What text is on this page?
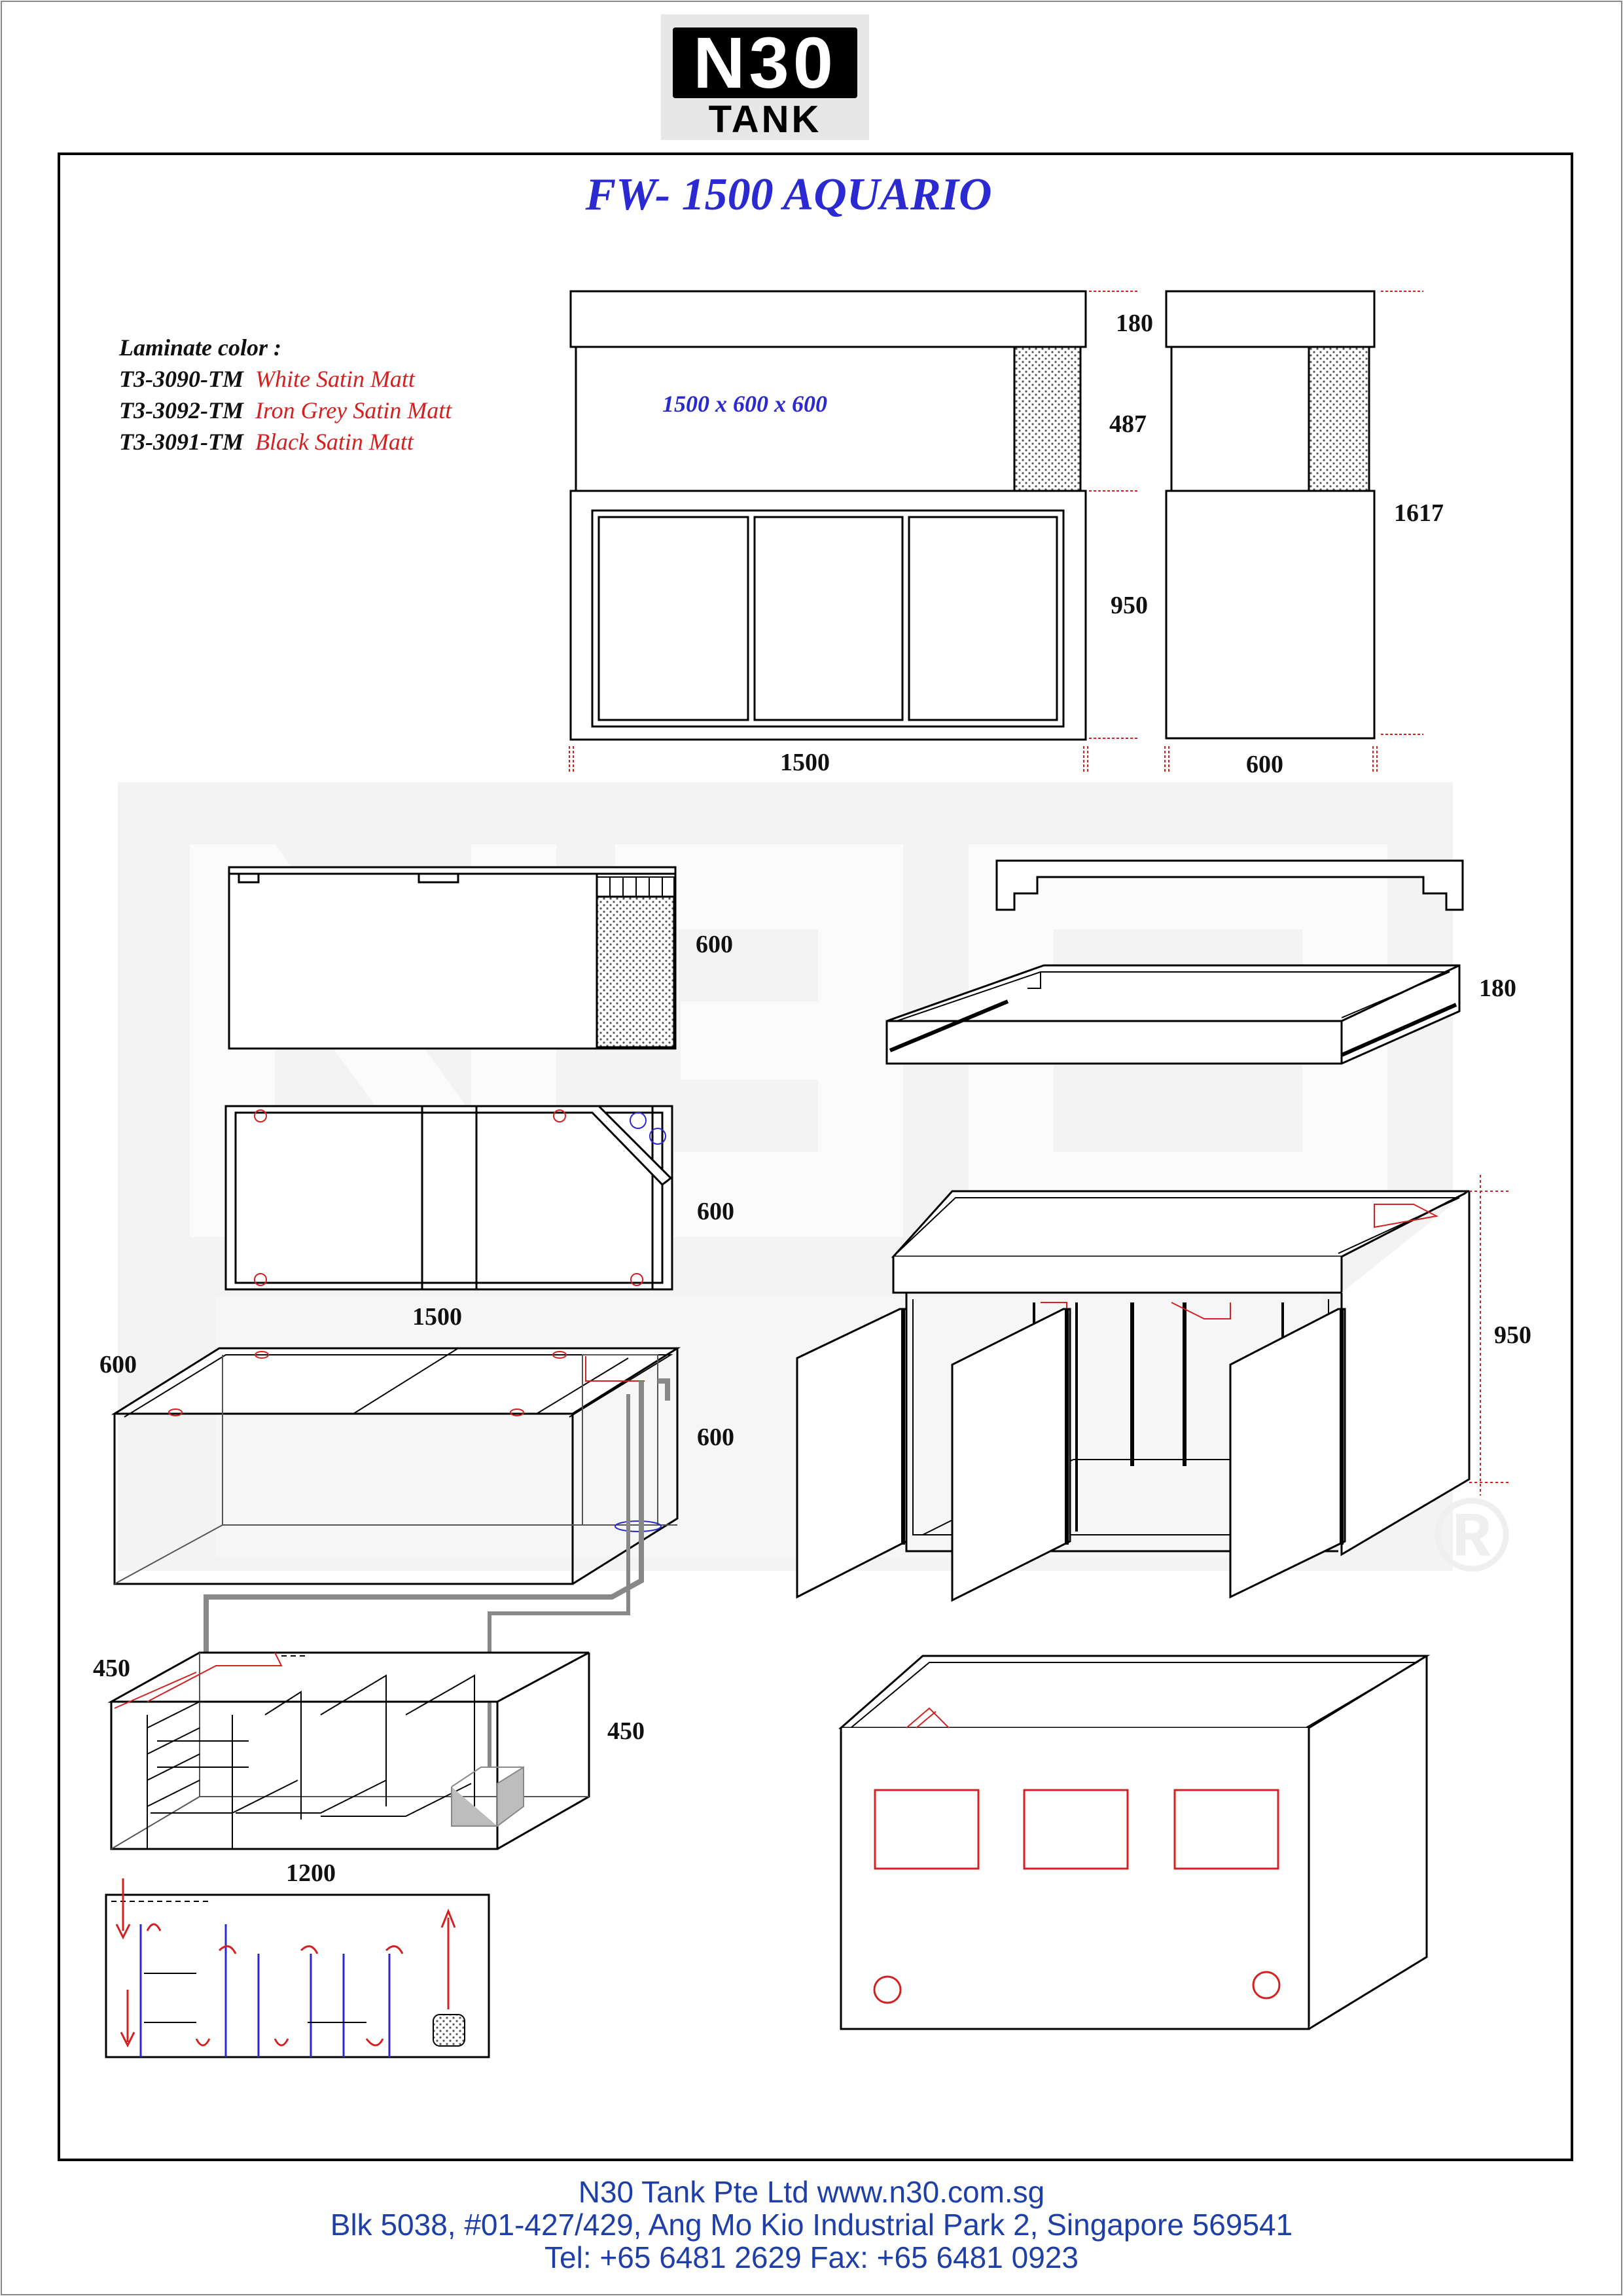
®
N30
TANK
FW- 1500 AQUARIO
Laminate color :
T3-3090-TM White Satin Matt
T3-3092-TM Iron Grey Satin Matt
T3-3091-TM Black Satin Matt
1500 x 600 x 600
180
487
950
1617
1500	600
600
600
1500
600
600
180
950
450
450
1200
N30 Tank Pte Ltd www.n30.com.sg
Blk 5038, #01-427/429, Ang Mo Kio Industrial Park 2, Singapore 569541
Tel: +65 6481 2629 Fax: +65 6481 0923
